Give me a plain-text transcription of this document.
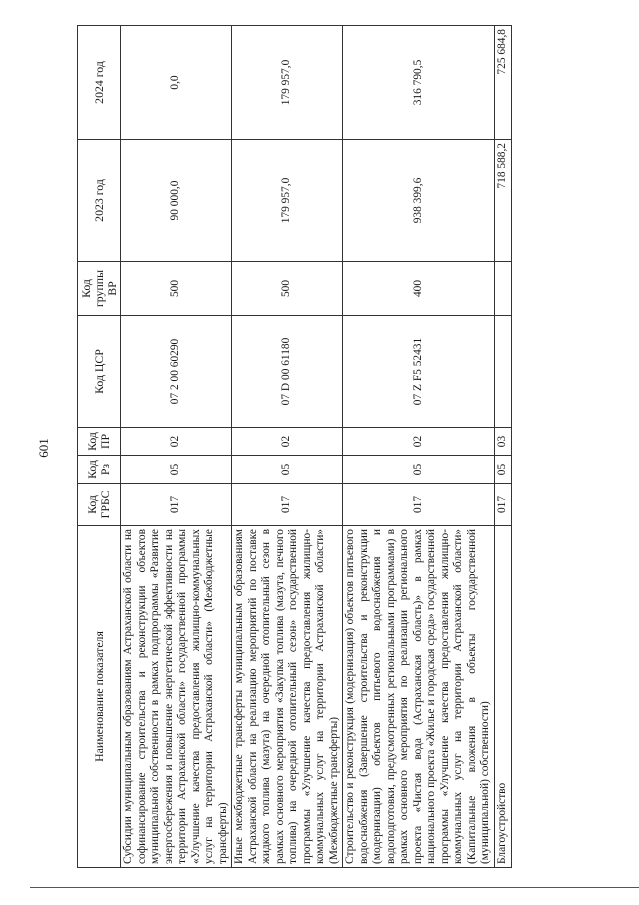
601
Наименование показателя	Код ГРБС	Код Рз	Код ПР	Код ЦСР	Код группы ВР	2023 год	2024 год
Субсидии муниципальным образованиям Астраханской области на софинансирование строительства и реконструкции объектов муниципальной собственности в рамках подпрограммы «Развитие энергосбережения и повышение энергетической эффективности на территории Астраханской области» государственной программы «Улучшение качества предоставления жилищно-коммунальных услуг на территории Астраханской области» (Межбюджетные трансферты)	017	05	02	07 2 00 60290	500	90 000,0	0,0
Иные межбюджетные трансферты муниципальным образованиям Астраханской области на реализацию мероприятий по поставке жидкого топлива (мазута) на очередной отопительный сезон в рамках основного мероприятия «Закупка топлива (мазута, печного топлива) на очередной отопительный сезон» государственной программы «Улучшение качества предоставления жилищно-коммунальных услуг на территории Астраханской области» (Межбюджетные трансферты)	017	05	02	07 D 00 61180	500	179 957,0	179 957,0
Строительство и реконструкция (модернизация) объектов питьевого водоснабжения (Завершение строительства и реконструкции (модернизации) объектов питьевого водоснабжения и водоподготовки, предусмотренных региональными программами) в рамках основного мероприятия по реализации регионального проекта «Чистая вода (Астраханская область)» в рамках национального проекта «Жилье и городская среда» государственной программы «Улучшение качества предоставления жилищно-коммунальных услуг на территории Астраханской области» (Капитальные вложения в объекты государственной (муниципальной) собственности)	017	05	02	07 Z F5 52431	400	938 399,6	316 790,5
Благоустройство	017	05	03			718 588,2	725 684,8
